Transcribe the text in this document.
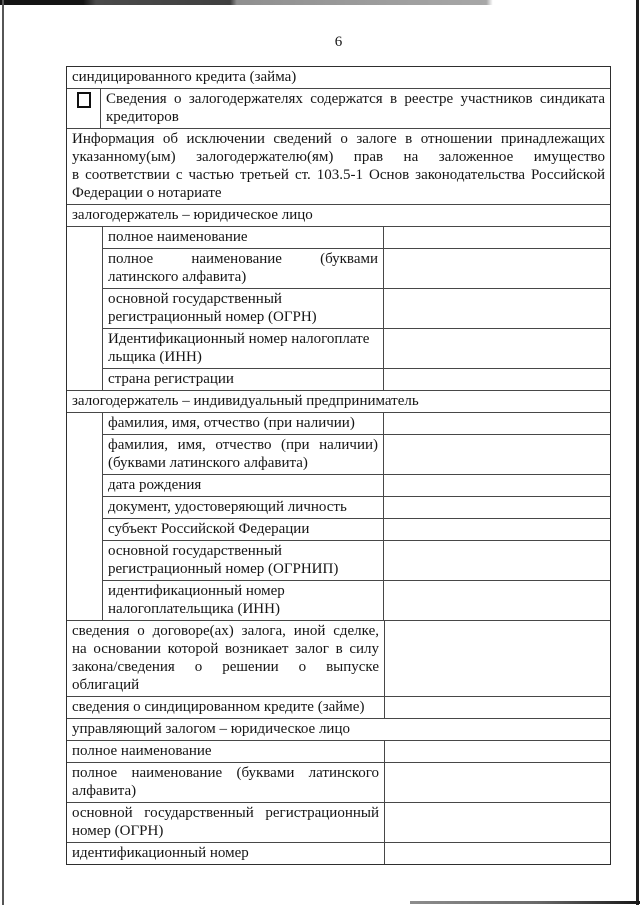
6
синдицированного кредита (займа)
Сведения о залогодержателях содержатся в реестре участников синдиката
кредиторов
Информация об исключении сведений о залоге в отношении принадлежащих
указанному(ым) залогодержателю(ям) прав на заложенное имущество
в соответствии с частью третьей ст. 103.5-1 Основ законодательства Российской
Федерации о нотариате
залогодержатель – юридическое лицо
полное наименование
полное наименование (буквами
латинского алфавита)
основной государственный
регистрационный номер (ОГРН)
Идентификационный номер налогоплате
льщика (ИНН)
страна регистрации
залогодержатель – индивидуальный предприниматель
фамилия, имя, отчество (при наличии)
фамилия, имя, отчество (при наличии)
(буквами латинского алфавита)
дата рождения
документ, удостоверяющий личность
субъект Российской Федерации
основной государственный
регистрационный номер (ОГРНИП)
идентификационный номер
налогоплательщика (ИНН)
сведения о договоре(ах) залога, иной сделке,
на основании которой возникает залог в силу
закона/сведения о решении о выпуске
облигаций
сведения о синдицированном кредите (займе)
управляющий залогом – юридическое лицо
полное наименование
полное наименование (буквами латинского
алфавита)
основной государственный регистрационный
номер (ОГРН)
идентификационный номер
